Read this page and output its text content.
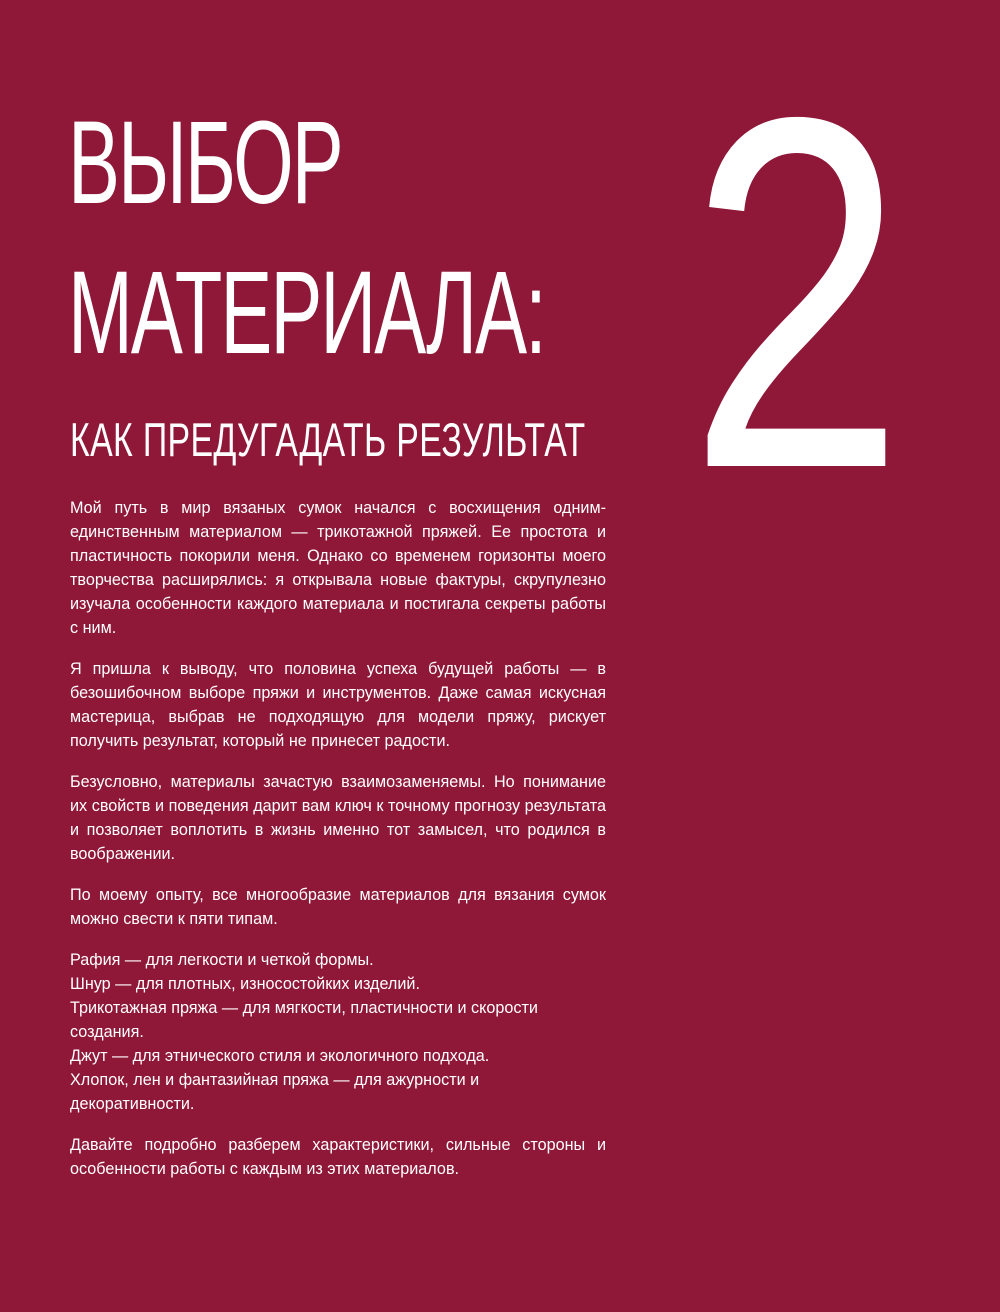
ВЫБОР
МАТЕРИАЛА:
КАК ПРЕДУГАДАТЬ РЕЗУЛЬТАТ 2

Мой путь в мир вязаных сумок начался с восхищения одним-единственным материалом — трикотажной пряжей. Ее простота и пластичность покорили меня. Однако со временем горизонты моего творчества расширялись: я открывала новые фактуры, скрупулезно изучала особенности каждого материала и постигала секреты работы с ним.

Я пришла к выводу, что половина успеха будущей работы — в безошибочном выборе пряжи и инструментов. Даже самая искусная мастерица, выбрав не подходящую для модели пряжу, рискует получить результат, который не принесет радости.

Безусловно, материалы зачастую взаимозаменяемы. Но понимание их свойств и поведения дарит вам ключ к точному прогнозу результата и позволяет воплотить в жизнь именно тот замысел, что родился в воображении.

По моему опыту, все многообразие материалов для вязания сумок можно свести к пяти типам.

Рафия — для легкости и четкой формы.

Шнур — для плотных, износостойких изделий.

Трикотажная пряжа — для мягкости, пластичности и скорости создания.

Джут — для этнического стиля и экологичного подхода.

Хлопок, лен и фантазийная пряжа — для ажурности и декоративности.

Давайте подробно разберем характеристики, сильные стороны и особенности работы с каждым из этих материалов.
